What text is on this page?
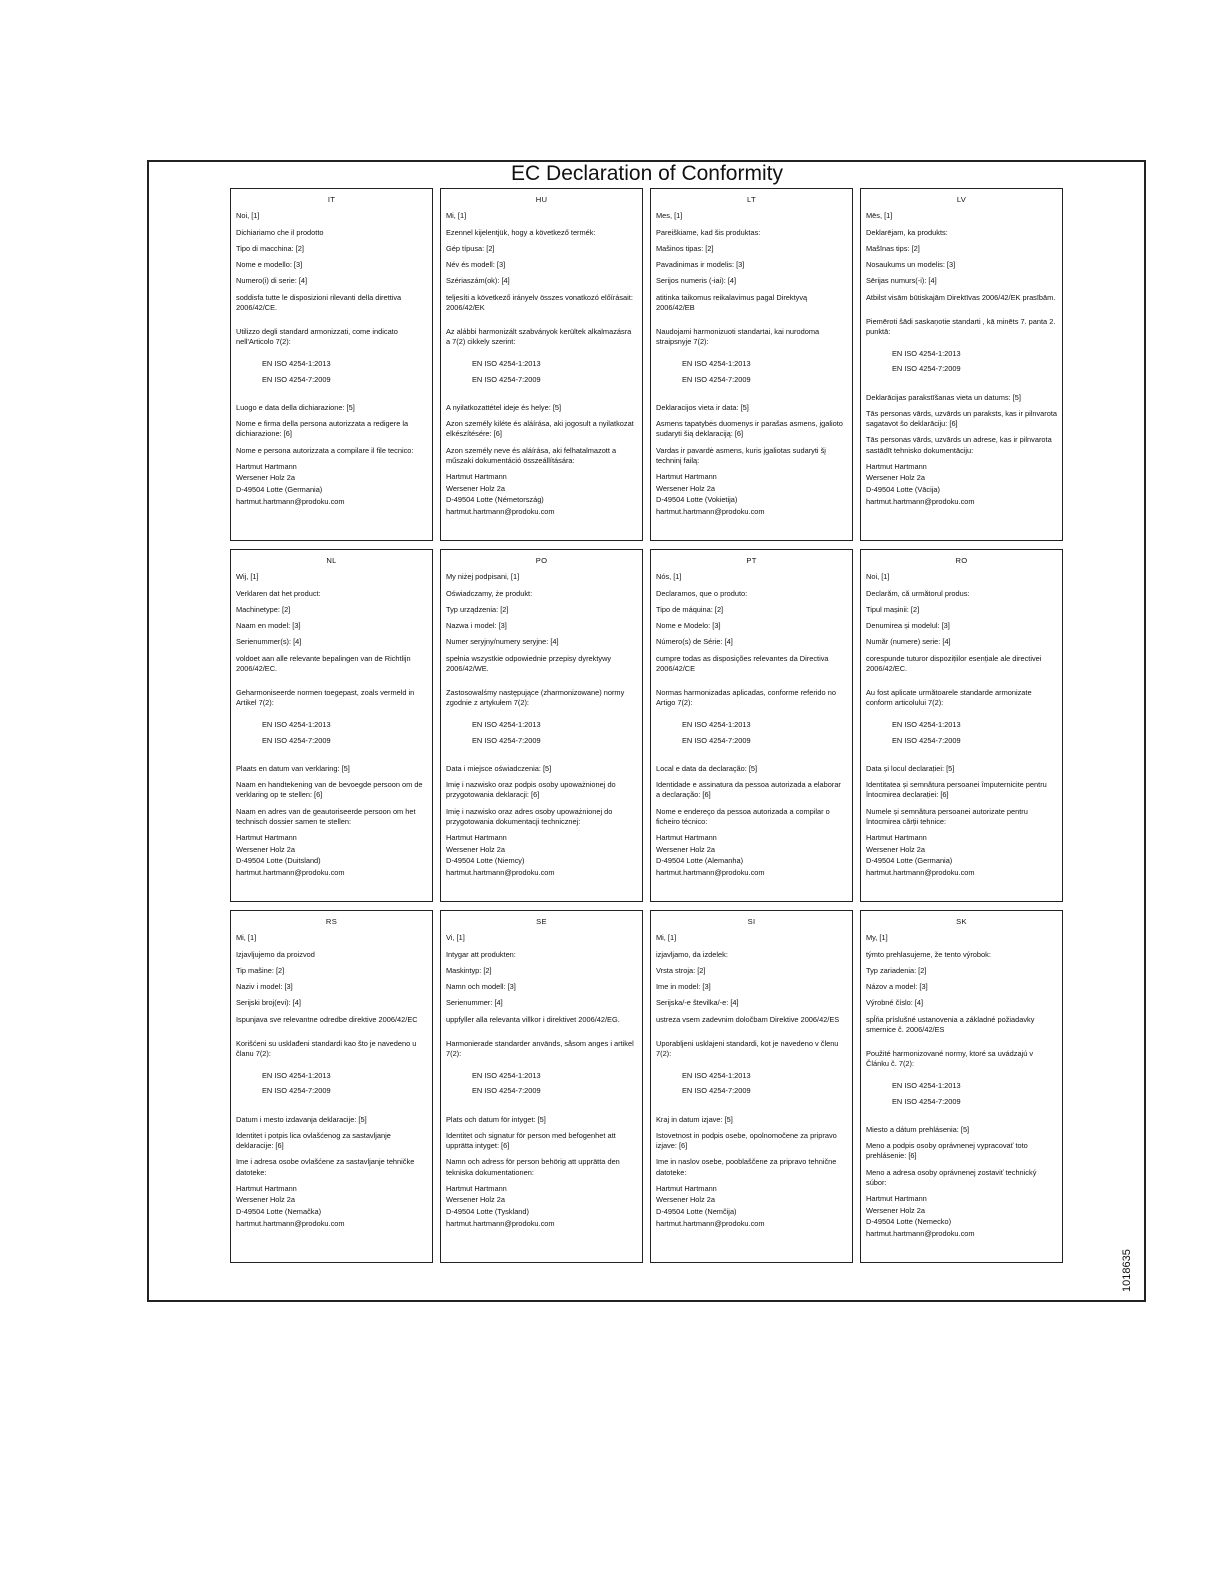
EC Declaration of Conformity
IT
Noi, [1]
Dichiariamo che il prodotto
Tipo di macchina: [2]
Nome e modello: [3]
Numero(i) di serie: [4]
soddisfa tutte le disposizioni rilevanti della direttiva 2006/42/CE.
Utilizzo degli standard armonizzati, come indicato nell'Articolo 7(2):
EN ISO 4254-1:2013
EN ISO 4254-7:2009
Luogo e data della dichiarazione: [5]
Nome e firma della persona autorizzata a redigere la dichiarazione: [6]
Nome e persona autorizzata a compilare il file tecnico:
Hartmut Hartmann
Wersener Holz 2a
D-49504 Lotte (Germania)
hartmut.hartmann@prodoku.com
HU
Mi, [1]
Ezennel kijelentjük, hogy a következő termék:
Gép típusa: [2]
Név és modell: [3]
Szériaszám(ok): [4]
teljesíti a következő irányelv összes vonatkozó előírásait: 2006/42/EK
Az alábbi harmonizált szabványok kerültek alkalmazásra a 7(2) cikkely szerint:
EN ISO 4254-1:2013
EN ISO 4254-7:2009
A nyilatkozattétel ideje és helye: [5]
Azon személy kiléte és aláírása, aki jogosult a nyilatkozat elkészítésére: [6]
Azon személy neve és aláírása, aki felhatalmazott a műszaki dokumentáció összeállítására:
Hartmut Hartmann
Wersener Holz 2a
D-49504 Lotte (Németország)
hartmut.hartmann@prodoku.com
LT
Mes, [1]
Pareiškiame, kad šis produktas:
Mašinos tipas: [2]
Pavadinimas ir modelis: [3]
Serijos numeris (-iai): [4]
atitinka taikomus reikalavimus pagal Direktyvą 2006/42/EB
Naudojami harmonizuoti standartai, kai nurodoma straipsnyje 7(2):
EN ISO 4254-1:2013
EN ISO 4254-7:2009
Deklaracijos vieta ir data: [5]
Asmens tapatybės duomenys ir parašas asmens, įgalioto sudaryti šią deklaraciją: [6]
Vardas ir pavardė asmens, kuris įgaliotas sudaryti šį techninį failą:
Hartmut Hartmann
Wersener Holz 2a
D-49504 Lotte (Vokietija)
hartmut.hartmann@prodoku.com
LV
Mēs, [1]
Deklarējam, ka produkts:
Mašīnas tips: [2]
Nosaukums un modelis: [3]
Sērijas numurs(-i): [4]
Atbilst visām būtiskajām Direktīvas 2006/42/EK prasībām.
Piemēroti šādi saskaņotie standarti , kā minēts 7. panta 2. punktā:
EN ISO 4254-1:2013
EN ISO 4254-7:2009
Deklarācijas parakstīšanas vieta un datums: [5]
Tās personas vārds, uzvārds un paraksts, kas ir pilnvarota sagatavot šo deklarāciju: [6]
Tās personas vārds, uzvārds un adrese, kas ir pilnvarota sastādīt tehnisko dokumentāciju:
Hartmut Hartmann
Wersener Holz 2a
D-49504 Lotte (Vācija)
hartmut.hartmann@prodoku.com
NL
Wij, [1]
Verklaren dat het product:
Machinetype: [2]
Naam en model: [3]
Serienummer(s): [4]
voldoet aan alle relevante bepalingen van de Richtlijn 2006/42/EC.
Geharmoniseerde normen toegepast, zoals vermeld in Artikel 7(2):
EN ISO 4254-1:2013
EN ISO 4254-7:2009
Plaats en datum van verklaring: [5]
Naam en handtekening van de bevoegde persoon om de verklaring op te stellen: [6]
Naam en adres van de geautoriseerde persoon om het technisch dossier samen te stellen:
Hartmut Hartmann
Wersener Holz 2a
D-49504 Lotte (Duitsland)
hartmut.hartmann@prodoku.com
PO
My niżej podpisani, [1]
Oświadczamy, że produkt:
Typ urządzenia: [2]
Nazwa i model: [3]
Numer seryjny/numery seryjne: [4]
spełnia wszystkie odpowiednie przepisy dyrektywy 2006/42/WE.
Zastosowalśmy następujące (zharmonizowane) normy zgodnie z artykułem 7(2):
EN ISO 4254-1:2013
EN ISO 4254-7:2009
Data i miejsce oświadczenia: [5]
Imię i nazwisko oraz podpis osoby upoważnionej do przygotowania deklaracji: [6]
Imię i nazwisko oraz adres osoby upoważnionej do przygotowania dokumentacji technicznej:
Hartmut Hartmann
Wersener Holz 2a
D-49504 Lotte (Niemcy)
hartmut.hartmann@prodoku.com
PT
Nós, [1]
Declaramos, que o produto:
Tipo de máquina: [2]
Nome e Modelo: [3]
Número(s) de Série: [4]
cumpre todas as disposições relevantes da Directiva 2006/42/CE
Normas harmonizadas aplicadas, conforme referido no Artigo 7(2):
EN ISO 4254-1:2013
EN ISO 4254-7:2009
Local e data da declaração: [5]
Identidade e assinatura da pessoa autorizada a elaborar a declaração: [6]
Nome e endereço da pessoa autorizada a compilar o ficheiro técnico:
Hartmut Hartmann
Wersener Holz 2a
D-49504 Lotte (Alemanha)
hartmut.hartmann@prodoku.com
RO
Noi, [1]
Declarăm, că următorul produs:
Tipul mașinii: [2]
Denumirea și modelul: [3]
Număr (numere) serie: [4]
corespunde tuturor dispozițiilor esențiale ale directivei 2006/42/EC.
Au fost aplicate următoarele standarde armonizate conform articolului 7(2):
EN ISO 4254-1:2013
EN ISO 4254-7:2009
Data și locul declarației: [5]
Identitatea și semnătura persoanei împuternicite pentru întocmirea declarației: [6]
Numele și semnătura persoanei autorizate pentru întocmirea cărții tehnice:
Hartmut Hartmann
Wersener Holz 2a
D-49504 Lotte (Germania)
hartmut.hartmann@prodoku.com
RS
Mi, [1]
Izjavljujemo da proizvod
Tip mašine: [2]
Naziv i model: [3]
Serijski broj(evi): [4]
Ispunjava sve relevantne odredbe direktive 2006/42/EC
Korišćeni su usklađeni standardi kao što je navedeno u članu 7(2):
EN ISO 4254-1:2013
EN ISO 4254-7:2009
Datum i mesto izdavanja deklaracije: [5]
Identitet i potpis lica ovlašćenog za sastavljanje deklaracije: [6]
Ime i adresa osobe ovlašćene za sastavljanje tehničke datoteke:
Hartmut Hartmann
Wersener Holz 2a
D-49504 Lotte (Nemačka)
hartmut.hartmann@prodoku.com
SE
Vi, [1]
Intygar att produkten:
Maskintyp: [2]
Namn och modell: [3]
Serienummer: [4]
uppfyller alla relevanta villkor i direktivet 2006/42/EG.
Harmonierade standarder används, såsom anges i artikel 7(2):
EN ISO 4254-1:2013
EN ISO 4254-7:2009
Plats och datum för intyget: [5]
Identitet och signatur för person med befogenhet att upprätta intyget: [6]
Namn och adress för person behörig att upprätta den tekniska dokumentationen:
Hartmut Hartmann
Wersener Holz 2a
D-49504 Lotte (Tyskland)
hartmut.hartmann@prodoku.com
SI
Mi, [1]
izjavljamo, da izdelek:
Vrsta stroja: [2]
Ime in model: [3]
Serijska/-e številka/-e: [4]
ustreza vsem zadevnim določbam Direktive 2006/42/ES
Uporabljeni usklajeni standardi, kot je navedeno v členu 7(2):
EN ISO 4254-1:2013
EN ISO 4254-7:2009
Kraj in datum izjave: [5]
Istovetnost in podpis osebe, opolnomočene za pripravo izjave: [6]
Ime in naslov osebe, pooblaščene za pripravo tehnične datoteke:
Hartmut Hartmann
Wersener Holz 2a
D-49504 Lotte (Nemčija)
hartmut.hartmann@prodoku.com
SK
My, [1]
týmto prehlasujeme, že tento výrobok:
Typ zariadenia: [2]
Názov a model: [3]
Výrobné číslo: [4]
spĺňa príslušné ustanovenia a základné požiadavky smernice č. 2006/42/ES
Použité harmonizované normy, ktoré sa uvádzajú v Článku č. 7(2):
EN ISO 4254-1:2013
EN ISO 4254-7:2009
Miesto a dátum prehlásenia: [5]
Meno a podpis osoby oprávnenej vypracovať toto prehlásenie: [6]
Meno a adresa osoby oprávnenej zostaviť technický súbor:
Hartmut Hartmann
Wersener Holz 2a
D-49504 Lotte (Nemecko)
hartmut.hartmann@prodoku.com
1018635
